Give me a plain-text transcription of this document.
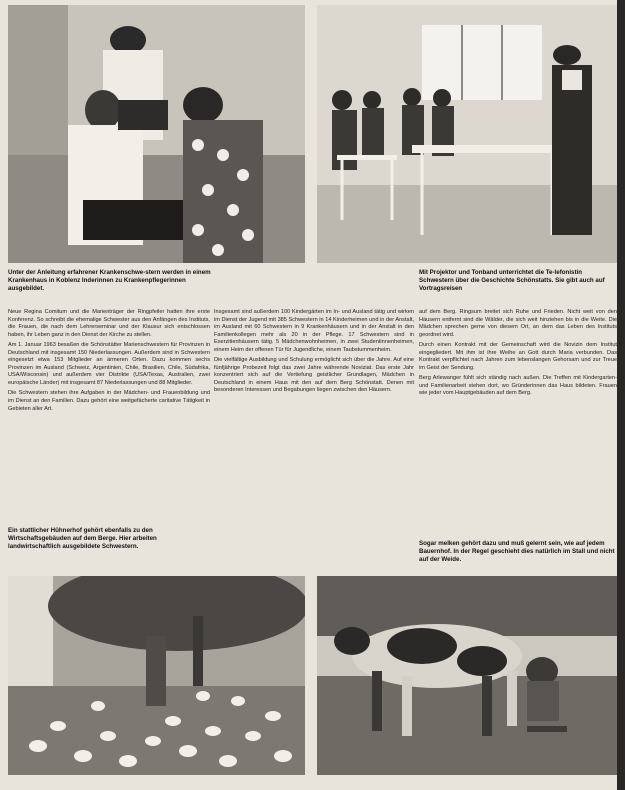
Unter der Anleitung erfahrener Krankenschwe-stern werden in einem Krankenhaus in Koblenz Inderinnen zu Krankenpflegerinnen ausgebildet.

Mit Projektor und Tonband unterrichtet die Te-lefonistin Schwestern über die Geschichte Schönstatts. Sie gibt auch auf Vortragsreisen

Neue Regina Comitum und die Marienträger der Ringpfeiler hatten ihre erste Konferenz. So schreibt die ehemalige Schwester aus den Anfängen des Instituts, die Frauen, die nach dem Lehrerseminar und der Klausur sich entschlossen haben, ihr Leben ganz in den Dienst der Kirche zu stellen.

Am 1. Januar 1963 besaßen die Schönstätter Marienschwestern für Provinzen in Deutschland mit insgesamt 150 Niederlassungen. Außerdem sind in Schwestern eingesetzt etwa 153 Mitglieder an ärmeren Orten. Dazu kommen sechs Provinzen im Ausland (Schweiz, Argentinien, Chile, Brasilien, Chile, Südafrika, USA/Wisconsin) und außerdem vier Distrikte (USA/Texas, Australien, zwei europäische Länder) mit insgesamt 87 Niederlassungen und 88 Mitglieder.

Die Schwestern stehen ihre Aufgaben in der Mädchen- und Frauenbildung und im Dienst an den Familien. Dazu gehört eine weitgefächerte caritative Tätigkeit in Gebieten aller Art.

Insgesamt sind außerdem 100 Kindergärten im In- und Ausland tätig und wirken im Dienst der Jugend mit 385 Schwestern in 14 Kinderheimen und in der Anstalt, im Ausland mit 60 Schwestern in 9 Krankenhäusern und in der Anstalt in den Familienkollegen mehr als 20 in der Pflege. 17 Schwestern sind in Exerzitienhäusern tätig. 5 Mädchenwohnheimen, in zwei Studentinnenheimen, einem Heim der offenen Tür für Jugendliche, einem Taubstummenheim.

Die vielfältige Ausbildung und Schulung ermöglicht sich über die Jahre. Auf eine fünfjährige Probezeit folgt das zwei Jahre währende Noviziat. Das erste Jahr konzentriert sich auf die Vertiefung geistlicher Grundlagen, Mädchen in Deutschland in einem Haus mit den auf dem Berg Schönstatt. Denen mit besonderen Interessen und Begabungen liegen zwischen den Häusern.

auf dem Berg. Ringsum breitet sich Ruhe und Frieden. Nicht weit von den Häusern entfernt sind die Wälder, die sich weit hinziehen bis in die Weite. Die Mädchen sprechen gerne von diesem Ort, an dem das Leben des Instituts geordnet wird.

Durch einen Kontrakt mit der Gemeinschaft wird die Novizin dem Institut eingegliedert. Mit ihm ist ihre Weihe an Gott durch Maria verbunden. Das Kontrakt verpflichtet nach Jahren zum lebenslangen Gehorsam und zur Treue im Geist der Sendung.

Berg Arlewanger fühlt sich ständig nach außen. Die Treffen mit Kindergarten- und Familienarbeit stehen dort, wo Gründerinnen das Haus bildeten. Frauen wie jeder vom Hauptgebäuden auf dem Berg.

Ein stattlicher Hühnerhof gehört ebenfalls zu den Wirtschaftsgebäuden auf dem Berge. Hier arbeiten landwirtschaftlich ausgebildete Schwestern.	Sogar melken gehört dazu und muß gelernt sein, wie auf jedem Bauernhof. In der Regel geschieht dies natürlich im Stall und nicht auf der Weide.
